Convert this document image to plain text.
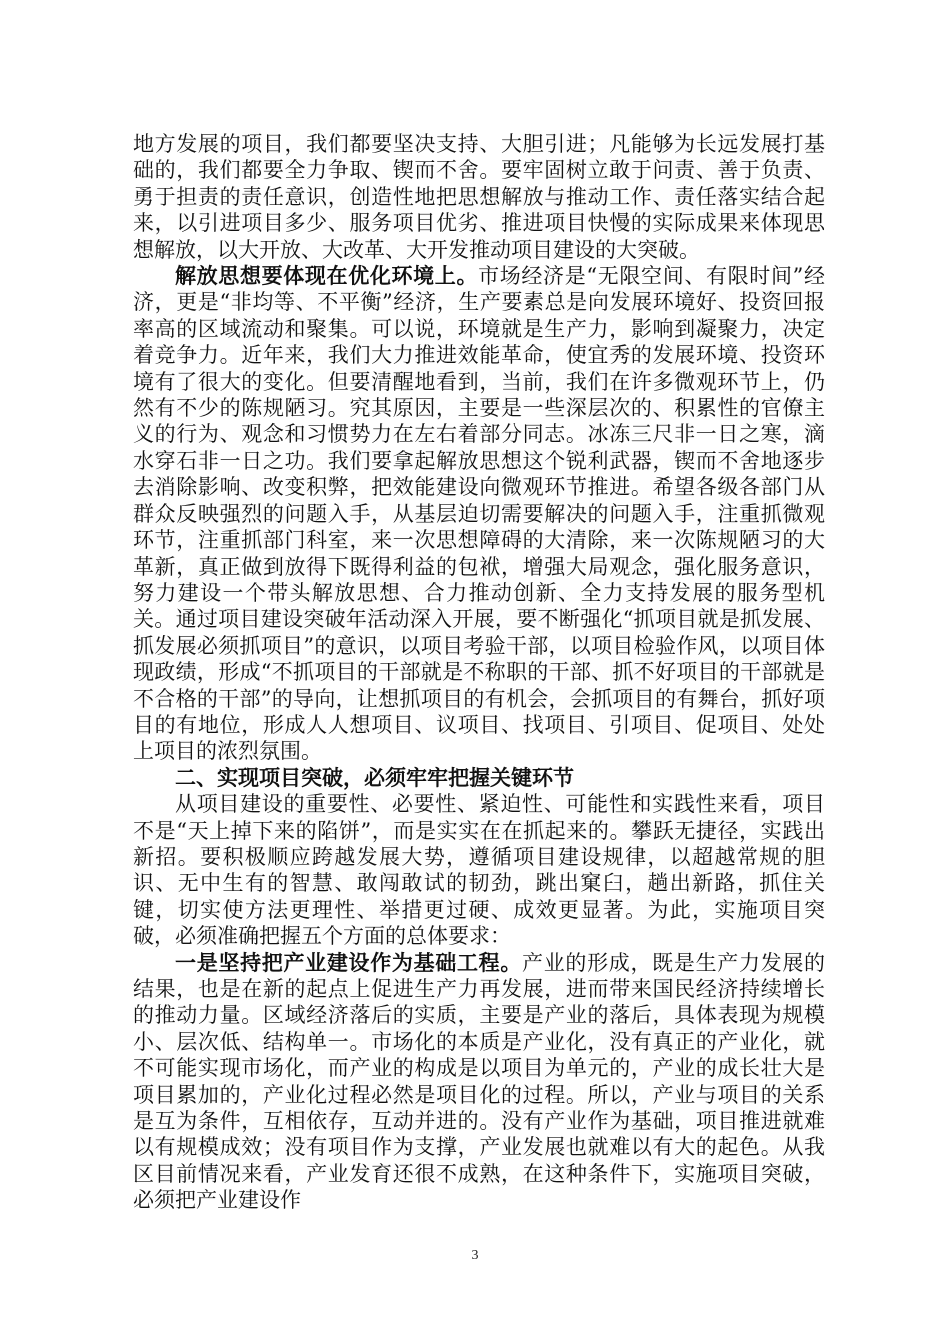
地方发展的项目，我们都要坚决支持、大胆引进；凡能够为长远发展打基础的，我们都要全力争取、锲而不舍。要牢固树立敢于问责、善于负责、勇于担责的责任意识，创造性地把思想解放与推动工作、责任落实结合起来，以引进项目多少、服务项目优劣、推进项目快慢的实际成果来体现思想解放，以大开放、大改革、大开发推动项目建设的大突破。

解放思想要体现在优化环境上。市场经济是“无限空间、有限时间”经济，更是“非均等、不平衡”经济，生产要素总是向发展环境好、投资回报率高的区域流动和聚集。可以说，环境就是生产力，影响到凝聚力，决定着竞争力。近年来，我们大力推进效能革命，使宜秀的发展环境、投资环境有了很大的变化。但要清醒地看到，当前，我们在许多微观环节上，仍然有不少的陈规陋习。究其原因，主要是一些深层次的、积累性的官僚主义的行为、观念和习惯势力在左右着部分同志。冰冻三尺非一日之寒，滴水穿石非一日之功。我们要拿起解放思想这个锐利武器，锲而不舍地逐步去消除影响、改变积弊，把效能建设向微观环节推进。希望各级各部门从群众反映强烈的问题入手，从基层迫切需要解决的问题入手，注重抓微观环节，注重抓部门科室，来一次思想障碍的大清除，来一次陈规陋习的大革新，真正做到放得下既得利益的包袱，增强大局观念，强化服务意识，努力建设一个带头解放思想、合力推动创新、全力支持发展的服务型机关。通过项目建设突破年活动深入开展，要不断强化“抓项目就是抓发展、抓发展必须抓项目”的意识，以项目考验干部，以项目检验作风，以项目体现政绩，形成“不抓项目的干部就是不称职的干部、抓不好项目的干部就是不合格的干部”的导向，让想抓项目的有机会，会抓项目的有舞台，抓好项目的有地位，形成人人想项目、议项目、找项目、引项目、促项目、处处上项目的浓烈氛围。

二、实现项目突破，必须牢牢把握关键环节

从项目建设的重要性、必要性、紧迫性、可能性和实践性来看，项目不是“天上掉下来的陷饼”，而是实实在在抓起来的。攀跃无捷径，实践出新招。要积极顺应跨越发展大势，遵循项目建设规律，以超越常规的胆识、无中生有的智慧、敢闯敢试的韧劲，跳出窠臼，趟出新路，抓住关键，切实使方法更理性、举措更过硬、成效更显著。为此，实施项目突破，必须准确把握五个方面的总体要求：

一是坚持把产业建设作为基础工程。产业的形成，既是生产力发展的结果，也是在新的起点上促进生产力再发展，进而带来国民经济持续增长的推动力量。区域经济落后的实质，主要是产业的落后，具体表现为规模小、层次低、结构单一。市场化的本质是产业化，没有真正的产业化，就不可能实现市场化，而产业的构成是以项目为单元的，产业的成长壮大是项目累加的，产业化过程必然是项目化的过程。所以，产业与项目的关系是互为条件，互相依存，互动并进的。没有产业作为基础，项目推进就难以有规模成效；没有项目作为支撑，产业发展也就难以有大的起色。从我区目前情况来看，产业发育还很不成熟，在这种条件下，实施项目突破，必须把产业建设作

3
